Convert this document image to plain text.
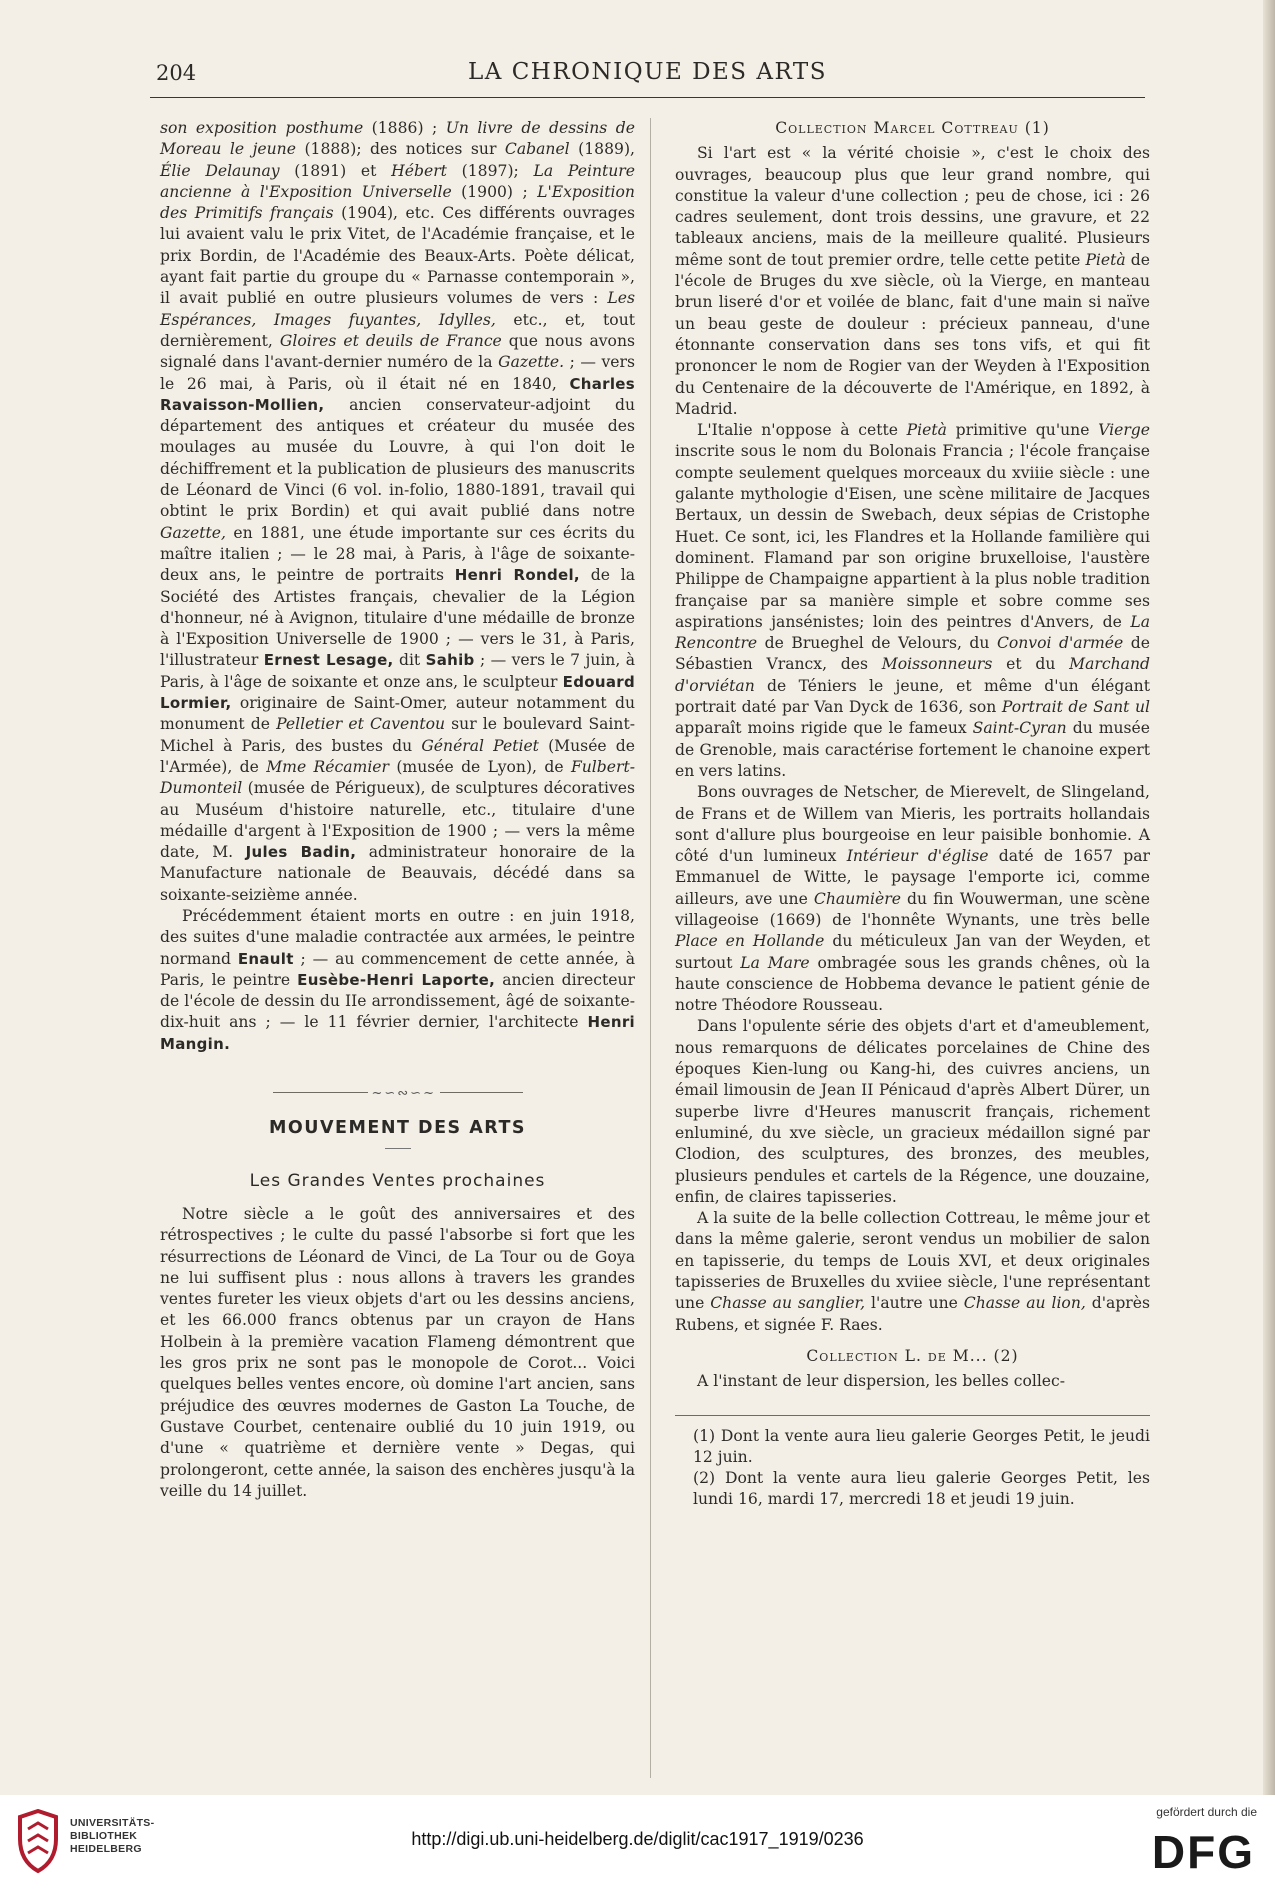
204	LA CHRONIQUE DES ARTS

son exposition posthume (1886) ; Un livre de dessins de Moreau le jeune (1888); des notices sur Cabanel (1889), Élie Delaunay (1891) et Hébert (1897); La Peinture ancienne à l'Exposition Universelle (1900) ; L'Exposition des Primitifs français (1904), etc. Ces différents ouvrages lui avaient valu le prix Vitet, de l'Académie française, et le prix Bordin, de l'Académie des Beaux-Arts. Poète délicat, ayant fait partie du groupe du « Parnasse contemporain », il avait publié en outre plusieurs volumes de vers : Les Espérances, Images fuyantes, Idylles, etc., et, tout dernièrement, Gloires et deuils de France que nous avons signalé dans l'avant-dernier numéro de la Gazette. ; — vers le 26 mai, à Paris, où il était né en 1840, Charles Ravaisson-Mollien, ancien conservateur-adjoint du département des antiques et créateur du musée des moulages au musée du Louvre, à qui l'on doit le déchiffrement et la publication de plusieurs des manuscrits de Léonard de Vinci (6 vol. in-folio, 1880-1891, travail qui obtint le prix Bordin) et qui avait publié dans notre Gazette, en 1881, une étude importante sur ces écrits du maître italien ; — le 28 mai, à Paris, à l'âge de soixante-deux ans, le peintre de portraits Henri Rondel, de la Société des Artistes français, chevalier de la Légion d'honneur, né à Avignon, titulaire d'une médaille de bronze à l'Exposition Universelle de 1900 ; — vers le 31, à Paris, l'illustrateur Ernest Lesage, dit Sahib ; — vers le 7 juin, à Paris, à l'âge de soixante et onze ans, le sculpteur Edouard Lormier, originaire de Saint-Omer, auteur notamment du monument de Pelletier et Caventou sur le boulevard Saint-Michel à Paris, des bustes du Général Petiet (Musée de l'Armée), de Mme Récamier (musée de Lyon), de Fulbert-Dumonteil (musée de Périgueux), de sculptures décoratives au Muséum d'histoire naturelle, etc., titulaire d'une médaille d'argent à l'Exposition de 1900 ; — vers la même date, M. Jules Badin, administrateur honoraire de la Manufacture nationale de Beauvais, décédé dans sa soixante-seizième année.

Précédemment étaient morts en outre : en juin 1918, des suites d'une maladie contractée aux armées, le peintre normand Enault ; — au commencement de cette année, à Paris, le peintre Eusèbe-Henri Laporte, ancien directeur de l'école de dessin du IIe arrondissement, âgé de soixante-dix-huit ans ; — le 11 février dernier, l'architecte Henri Mangin.

~∽∾∽~
MOUVEMENT DES ARTS
Les Grandes Ventes prochaines

Notre siècle a le goût des anniversaires et des rétrospectives ; le culte du passé l'absorbe si fort que les résurrections de Léonard de Vinci, de La Tour ou de Goya ne lui suffisent plus : nous allons à travers les grandes ventes fureter les vieux objets d'art ou les dessins anciens, et les 66.000 francs obtenus par un crayon de Hans Holbein à la première vacation Flameng démontrent que les gros prix ne sont pas le monopole de Corot... Voici quelques belles ventes encore, où domine l'art ancien, sans préjudice des œuvres modernes de Gaston La Touche, de Gustave Courbet, centenaire oublié du 10 juin 1919, ou d'une « quatrième et dernière vente » Degas, qui prolongeront, cette année, la saison des enchères jusqu'à la veille du 14 juillet.

Collection Marcel Cottreau (1)

Si l'art est « la vérité choisie », c'est le choix des ouvrages, beaucoup plus que leur grand nombre, qui constitue la valeur d'une collection ; peu de chose, ici : 26 cadres seulement, dont trois dessins, une gravure, et 22 tableaux anciens, mais de la meilleure qualité. Plusieurs même sont de tout premier ordre, telle cette petite Pietà de l'école de Bruges du xve siècle, où la Vierge, en manteau brun liseré d'or et voilée de blanc, fait d'une main si naïve un beau geste de douleur : précieux panneau, d'une étonnante conservation dans ses tons vifs, et qui fit prononcer le nom de Rogier van der Weyden à l'Exposition du Centenaire de la découverte de l'Amérique, en 1892, à Madrid.

L'Italie n'oppose à cette Pietà primitive qu'une Vierge inscrite sous le nom du Bolonais Francia ; l'école française compte seulement quelques morceaux du xviiie siècle : une galante mythologie d'Eisen, une scène militaire de Jacques Bertaux, un dessin de Swebach, deux sépias de Cristophe Huet. Ce sont, ici, les Flandres et la Hollande familière qui dominent. Flamand par son origine bruxelloise, l'austère Philippe de Champaigne appartient à la plus noble tradition française par sa manière simple et sobre comme ses aspirations jansénistes; loin des peintres d'Anvers, de La Rencontre de Brueghel de Velours, du Convoi d'armée de Sébastien Vrancx, des Moissonneurs et du Marchand d'orviétan de Téniers le jeune, et même d'un élégant portrait daté par Van Dyck de 1636, son Portrait de Sant ul apparaît moins rigide que le fameux Saint-Cyran du musée de Grenoble, mais caractérise fortement le chanoine expert en vers latins.

Bons ouvrages de Netscher, de Mierevelt, de Slingeland, de Frans et de Willem van Mieris, les portraits hollandais sont d'allure plus bourgeoise en leur paisible bonhomie. A côté d'un lumineux Intérieur d'église daté de 1657 par Emmanuel de Witte, le paysage l'emporte ici, comme ailleurs, ave une Chaumière du fin Wouwerman, une scène villageoise (1669) de l'honnête Wynants, une très belle Place en Hollande du méticuleux Jan van der Weyden, et surtout La Mare ombragée sous les grands chênes, où la haute conscience de Hobbema devance le patient génie de notre Théodore Rousseau.

Dans l'opulente série des objets d'art et d'ameublement, nous remarquons de délicates porcelaines de Chine des époques Kien-lung ou Kang-hi, des cuivres anciens, un émail limousin de Jean II Pénicaud d'après Albert Dürer, un superbe livre d'Heures manuscrit français, richement enluminé, du xve siècle, un gracieux médaillon signé par Clodion, des sculptures, des bronzes, des meubles, plusieurs pendules et cartels de la Régence, une douzaine, enfin, de claires tapisseries.

A la suite de la belle collection Cottreau, le même jour et dans la même galerie, seront vendus un mobilier de salon en tapisserie, du temps de Louis XVI, et deux originales tapisseries de Bruxelles du xviiee siècle, l'une représentant une Chasse au sanglier, l'autre une Chasse au lion, d'après Rubens, et signée F. Raes.

Collection L. de M... (2)

A l'instant de leur dispersion, les belles collec-

(1) Dont la vente aura lieu galerie Georges Petit, le jeudi 12 juin.

(2) Dont la vente aura lieu galerie Georges Petit, les lundi 16, mardi 17, mercredi 18 et jeudi 19 juin.

UNIVERSITÄTS-
BIBLIOTHEK
HEIDELBERG	http://digi.ub.uni-heidelberg.de/diglit/cac1917_1919/0236
gefördert durch die
DFG
